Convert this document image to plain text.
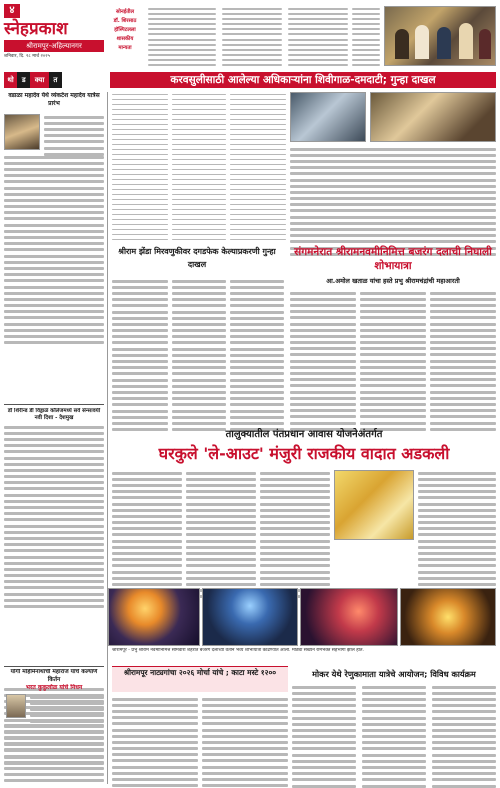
४
स्नेहप्रकाश
श्रीरामपूर-अहिल्यानगर
शनिवार, दि. २८ मार्च २०२५
सोनईतील
डॉ. शिरसाठ
हॉस्पिटलला
शासकीय
मान्यता
थो	ड	क्या	त	करवसुलीसाठी आलेल्या अधिकाऱ्यांना शिवीगाळ-दमदाटी; गुन्हा दाखल
वडाळा महादेव येथे व्यंकटेश महादेव यात्रेस प्रारंभ
डॉ शिरीन्ड डी विड्राळे कॉलेजमध्ये सर्व सेन्सावयी नवी दिशा - देशमुख
योगी महिमिनाथाची महाराज यांचे कल्याणे किर्तन
भरत कुकुलोळ यांचे निधन
श्रीराम झेंडा मिरवणुकीवर दगडफेक केल्याप्रकरणी गुन्हा दाखल
संगमनेरात श्रीरामनवमीनिमित्त बजरंग दलाची निघाली शोभायात्रा
आ.अमोल खताळ यांचा हस्ते प्रभु श्रीरामचंद्रांची महाआरती
तालुक्यातील पंतप्रधान आवास योजनेअंतर्गत
घरकुले 'ले-आउट' मंजुरी राजकीय वादात अडकली
श्रीरामपूर - प्रभु श्रीराम नवमीनिमित्त सोमवारी शहरात बजरंग दलाच्या वतीने भव्य शोभायात्रा काढण्यात आली. मोठ्या संख्येने रामभक्त सहभागी झाले होते.
श्रीरामपूर नाट्यगांचा २०२६ मोर्चा यांचे ; काटा मस्टे १२००	मोकर येथे रेणुकामाता यात्रेचे आयोजन; विविध कार्यक्रम
